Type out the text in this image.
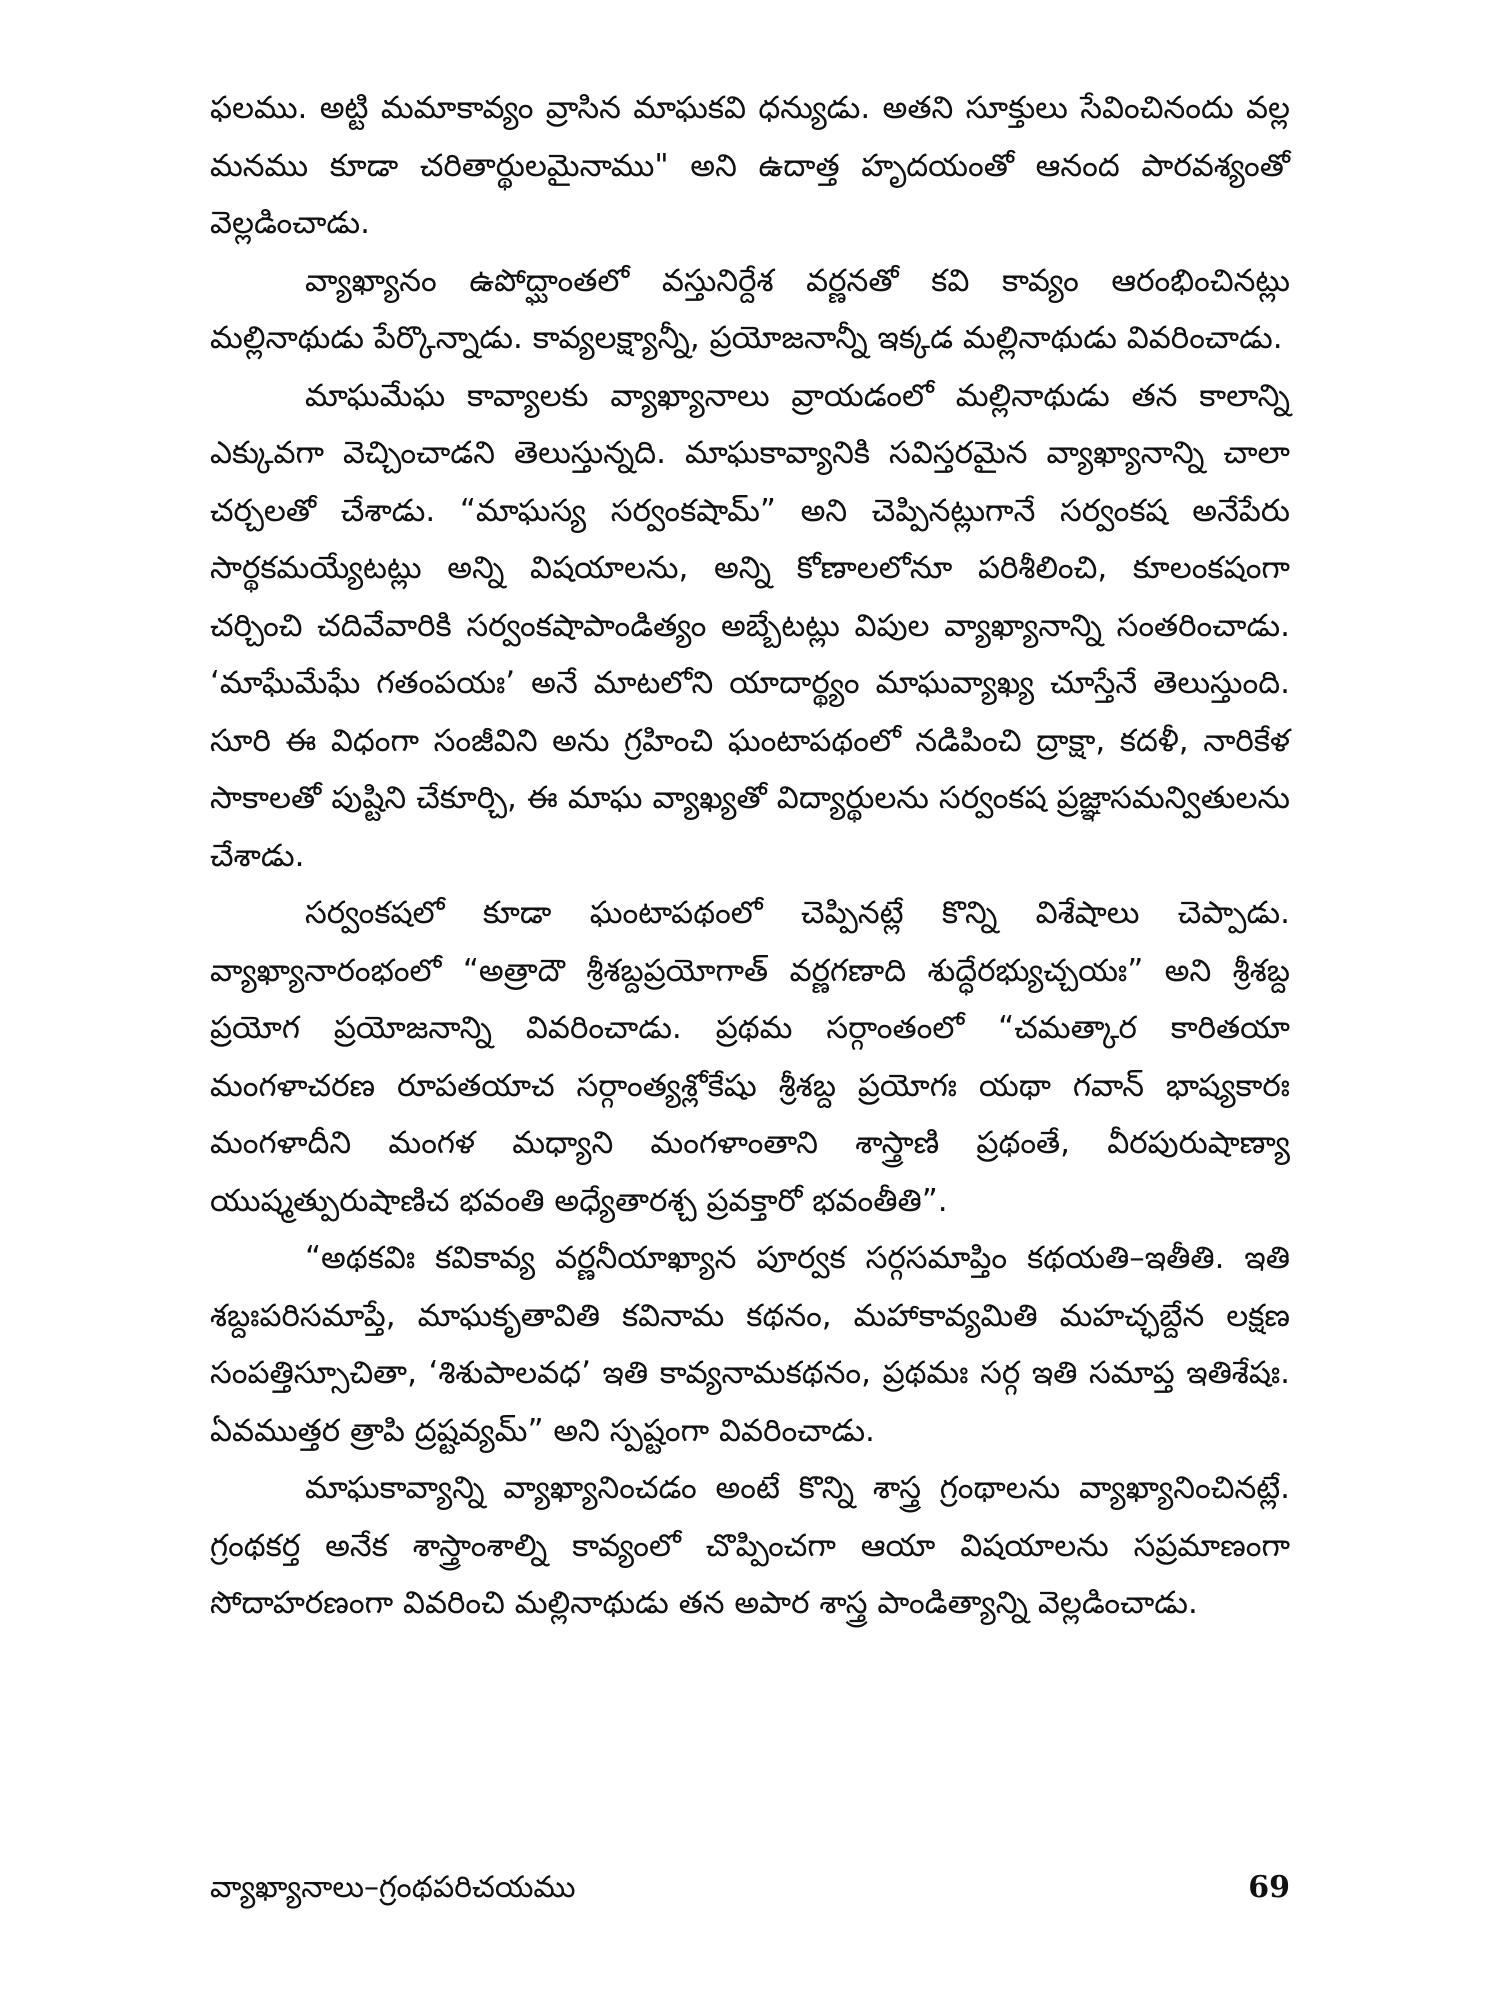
ఫలము. అట్టి మమాకావ్యం వ్రాసిన మాఘకవి ధన్యుడు. అతని సూక్తులు సేవించినందు వల్ల మనము కూడా చరితార్థులమైనాము" అని ఉదాత్త హృదయంతో ఆనంద పారవశ్యంతో వెల్లడించాడు.

వ్యాఖ్యానం ఉపోద్ఘాంతలో వస్తునిర్దేశ వర్ణనతో కవి కావ్యం ఆరంభించినట్లు మల్లినాథుడు పేర్కొన్నాడు. కావ్యలక్ష్యాన్నీ, ప్రయోజనాన్నీ ఇక్కడ మల్లినాథుడు వివరించాడు.

మాఘమేఘ కావ్యాలకు వ్యాఖ్యానాలు వ్రాయడంలో మల్లినాథుడు తన కాలాన్ని ఎక్కువగా వెచ్చించాడని తెలుస్తున్నది. మాఘకావ్యానికి సవిస్తరమైన వ్యాఖ్యానాన్ని చాలా చర్చలతో చేశాడు. “మాఘస్య సర్వంకషామ్” అని చెప్పినట్లుగానే సర్వంకష అనేపేరు సార్థకమయ్యేటట్లు అన్ని విషయాలను, అన్ని కోణాలలోనూ పరిశీలించి, కూలంకషంగా చర్చించి చదివేవారికి సర్వంకషాపాండిత్యం అబ్బేటట్లు విపుల వ్యాఖ్యానాన్ని సంతరించాడు. ‘మాఘేమేఘే గతంపయః’ అనే మాటలోని యాదార్థ్యం మాఘవ్యాఖ్య చూస్తేనే తెలుస్తుంది. సూరి ఈ విధంగా సంజీవిని అను గ్రహించి ఘంటాపథంలో నడిపించి ద్రాక్షా, కదళీ, నారికేళ సాకాలతో పుష్టిని చేకూర్చి, ఈ మాఘ వ్యాఖ్యతో విద్యార్థులను సర్వంకష ప్రజ్ఞాసమన్వితులను చేశాడు.

సర్వంకషలో కూడా ఘంటాపథంలో చెప్పినట్లే కొన్ని విశేషాలు చెప్పాడు. వ్యాఖ్యానారంభంలో “అత్రాదౌ శ్రీశబ్దప్రయోగాత్ వర్ణగణాది శుద్ధేరభ్యుచ్చయః” అని శ్రీశబ్ద ప్రయోగ ప్రయోజనాన్ని వివరించాడు. ప్రథమ సర్గాంతంలో “చమత్కార కారితయా మంగళాచరణ రూపతయాచ సర్గాంత్యశ్లోకేషు శ్రీశబ్ద ప్రయోగః యథా గవాన్ భాష్యకారః మంగళాదీని మంగళ మధ్యాని మంగళాంతాని శాస్త్రాణి ప్రథంతే, వీరపురుషాణ్యా యుష్మత్పురుషాణిచ భవంతి అధ్యేతారశ్చ ప్రవక్తారో భవంతీతి”.

“అథకవిః కవికావ్య వర్ణనీయాఖ్యాన పూర్వక సర్గసమాప్తిం కథయతి–ఇతీతి. ఇతి శబ్దఃపరిసమాప్తే, మాఘకృతావితి కవినామ కథనం, మహాకావ్యమితి మహచ్ఛబ్దేన లక్షణ సంపత్తిస్సూచితా, ‘శిశుపాలవధ’ ఇతి కావ్యనామకథనం, ప్రథమః సర్గ ఇతి సమాప్త ఇతిశేషః. ఏవముత్తర త్రాపి ద్రష్టవ్యమ్” అని స్పష్టంగా వివరించాడు.

మాఘకావ్యాన్ని వ్యాఖ్యానించడం అంటే కొన్ని శాస్త్ర గ్రంథాలను వ్యాఖ్యానించినట్లే. గ్రంథకర్త అనేక శాస్త్రాంశాల్ని కావ్యంలో చొప్పించగా ఆయా విషయాలను సప్రమాణంగా సోదాహరణంగా వివరించి మల్లినాథుడు తన అపార శాస్త్ర పాండిత్యాన్ని వెల్లడించాడు.

వ్యాఖ్యానాలు–గ్రంథపరిచయము	69
